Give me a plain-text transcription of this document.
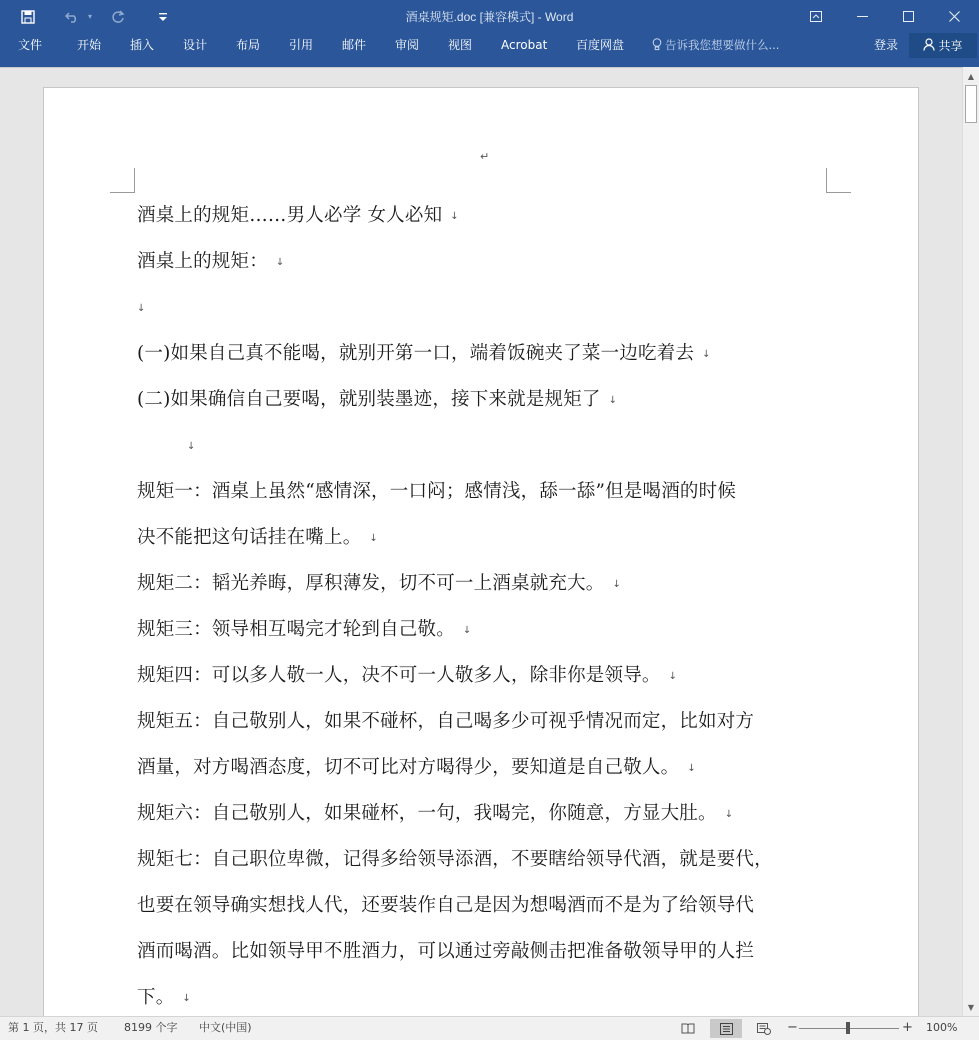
▾	酒桌规矩.doc [兼容模式] - Word
文件	开始 插入 设计 布局 引用 邮件 审阅 视图 Acrobat 百度网盘	告诉我您想要做什么...	登录	共享
↵
酒桌上的规矩……男人必学 女人必知 ↓
酒桌上的规矩： ↓
↓
(一)如果自己真不能喝，就别开第一口，端着饭碗夹了菜一边吃着去 ↓
(二)如果确信自己要喝，就别装墨迹，接下来就是规矩了 ↓
↓
规矩一：酒桌上虽然“感情深，一口闷；感情浅，舔一舔”但是喝酒的时候
决不能把这句话挂在嘴上。 ↓
规矩二：韬光养晦，厚积薄发，切不可一上酒桌就充大。 ↓
规矩三：领导相互喝完才轮到自己敬。 ↓
规矩四：可以多人敬一人，决不可一人敬多人，除非你是领导。 ↓
规矩五：自己敬别人，如果不碰杯，自己喝多少可视乎情况而定，比如对方
酒量，对方喝酒态度，切不可比对方喝得少，要知道是自己敬人。 ↓
规矩六：自己敬别人，如果碰杯，一句，我喝完，你随意，方显大肚。 ↓
规矩七：自己职位卑微，记得多给领导添酒，不要瞎给领导代酒，就是要代，
也要在领导确实想找人代，还要装作自己是因为想喝酒而不是为了给领导代
酒而喝酒。比如领导甲不胜酒力，可以通过旁敲侧击把准备敬领导甲的人拦
下。 ↓
▲
▼
第 1 页，共 17 页 8199 个字 中文(中国)	−	+ 100%
